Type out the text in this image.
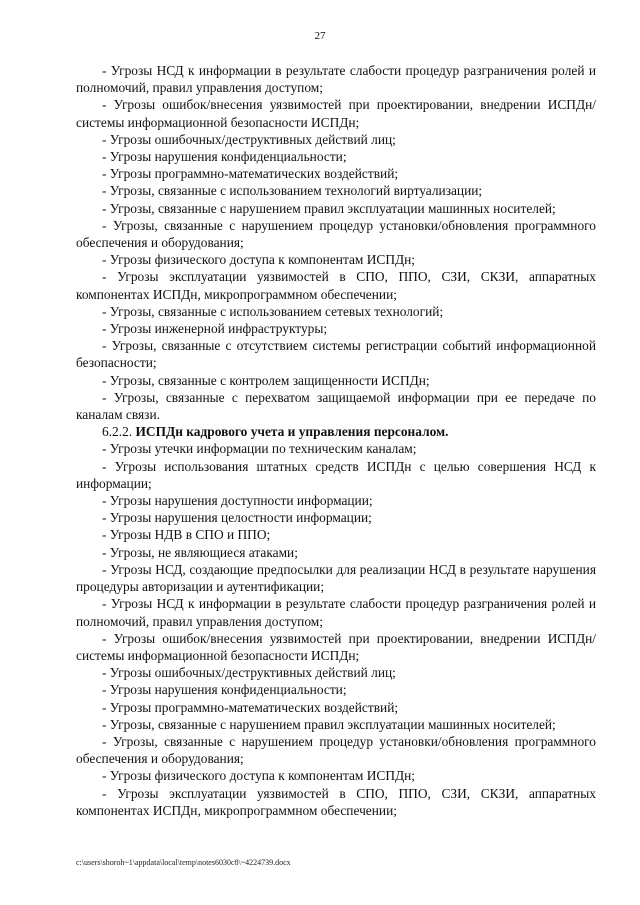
27

- Угрозы НСД к информации в результате слабости процедур разграничения ролей и полномочий, правил управления доступом;

- Угрозы ошибок/внесения уязвимостей при проектировании, внедрении ИСПДн/системы информационной безопасности ИСПДн;

- Угрозы ошибочных/деструктивных действий лиц;

- Угрозы нарушения конфиденциальности;

- Угрозы программно-математических воздействий;

- Угрозы, связанные с использованием технологий виртуализации;

- Угрозы, связанные с нарушением правил эксплуатации машинных носителей;

- Угрозы, связанные с нарушением процедур установки/обновления программного обеспечения и оборудования;

- Угрозы физического доступа к компонентам ИСПДн;

- Угрозы эксплуатации уязвимостей в СПО, ППО, СЗИ, СКЗИ, аппаратных компонентах ИСПДн, микропрограммном обеспечении;

- Угрозы, связанные с использованием сетевых технологий;

- Угрозы инженерной инфраструктуры;

- Угрозы, связанные с отсутствием системы регистрации событий информационной безопасности;

- Угрозы, связанные с контролем защищенности ИСПДн;

- Угрозы, связанные с перехватом защищаемой информации при ее передаче по каналам связи.

6.2.2. ИСПДн кадрового учета и управления персоналом.

- Угрозы утечки информации по техническим каналам;

- Угрозы использования штатных средств ИСПДн с целью совершения НСД к информации;

- Угрозы нарушения доступности информации;

- Угрозы нарушения целостности информации;

- Угрозы НДВ в СПО и ППО;

- Угрозы, не являющиеся атаками;

- Угрозы НСД, создающие предпосылки для реализации НСД в результате нарушения процедуры авторизации и аутентификации;

- Угрозы НСД к информации в результате слабости процедур разграничения ролей и полномочий, правил управления доступом;

- Угрозы ошибок/внесения уязвимостей при проектировании, внедрении ИСПДн/системы информационной безопасности ИСПДн;

- Угрозы ошибочных/деструктивных действий лиц;

- Угрозы нарушения конфиденциальности;

- Угрозы программно-математических воздействий;

- Угрозы, связанные с нарушением правил эксплуатации машинных носителей;

- Угрозы, связанные с нарушением процедур установки/обновления программного обеспечения и оборудования;

- Угрозы физического доступа к компонентам ИСПДн;

- Угрозы эксплуатации уязвимостей в СПО, ППО, СЗИ, СКЗИ, аппаратных компонентах ИСПДн, микропрограммном обеспечении;

c:\users\shoroh~1\appdata\local\temp\notes6030c8\~4224739.docx
